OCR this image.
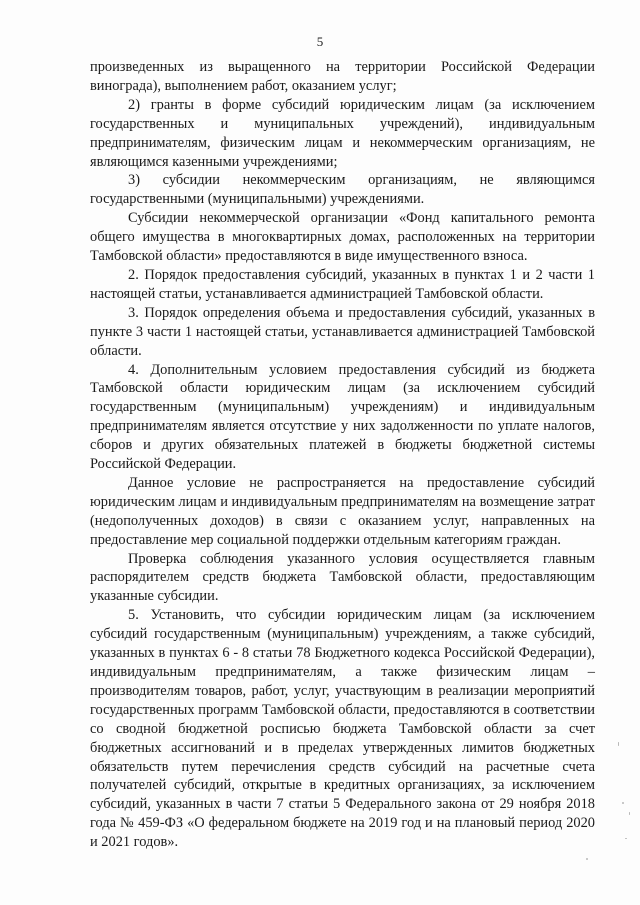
5

произведенных из выращенного на территории Российской Федерации винограда), выполнением работ, оказанием услуг;

2) гранты в форме субсидий юридическим лицам (за исключением государственных и муниципальных учреждений), индивидуальным предпринимателям, физическим лицам и некоммерческим организациям, не являющимся казенными учреждениями;

3) субсидии некоммерческим организациям, не являющимся государственными (муниципальными) учреждениями.

Субсидии некоммерческой организации «Фонд капитального ремонта общего имущества в многоквартирных домах, расположенных на территории Тамбовской области» предоставляются в виде имущественного взноса.

2. Порядок предоставления субсидий, указанных в пунктах 1 и 2 части 1 настоящей статьи, устанавливается администрацией Тамбовской области.

3. Порядок определения объема и предоставления субсидий, указанных в пункте 3 части 1 настоящей статьи, устанавливается администрацией Тамбовской области.

4. Дополнительным условием предоставления субсидий из бюджета Тамбовской области юридическим лицам (за исключением субсидий государственным (муниципальным) учреждениям) и индивидуальным предпринимателям является отсутствие у них задолженности по уплате налогов, сборов и других обязательных платежей в бюджеты бюджетной системы Российской Федерации.

Данное условие не распространяется на предоставление субсидий юридическим лицам и индивидуальным предпринимателям на возмещение затрат (недополученных доходов) в связи с оказанием услуг, направленных на предоставление мер социальной поддержки отдельным категориям граждан.

Проверка соблюдения указанного условия осуществляется главным распорядителем средств бюджета Тамбовской области, предоставляющим указанные субсидии.

5. Установить, что субсидии юридическим лицам (за исключением субсидий государственным (муниципальным) учреждениям, а также субсидий, указанных в пунктах 6 - 8 статьи 78 Бюджетного кодекса Российской Федерации), индивидуальным предпринимателям, а также физическим лицам – производителям товаров, работ, услуг, участвующим в реализации мероприятий государственных программ Тамбовской области, предоставляются в соответствии со сводной бюджетной росписью бюджета Тамбовской области за счет бюджетных ассигнований и в пределах утвержденных лимитов бюджетных обязательств путем перечисления средств субсидий на расчетные счета получателей субсидий, открытые в кредитных организациях, за исключением субсидий, указанных в части 7 статьи 5 Федерального закона от 29 ноября 2018 года № 459-ФЗ «О федеральном бюджете на 2019 год и на плановый период 2020 и 2021 годов».
